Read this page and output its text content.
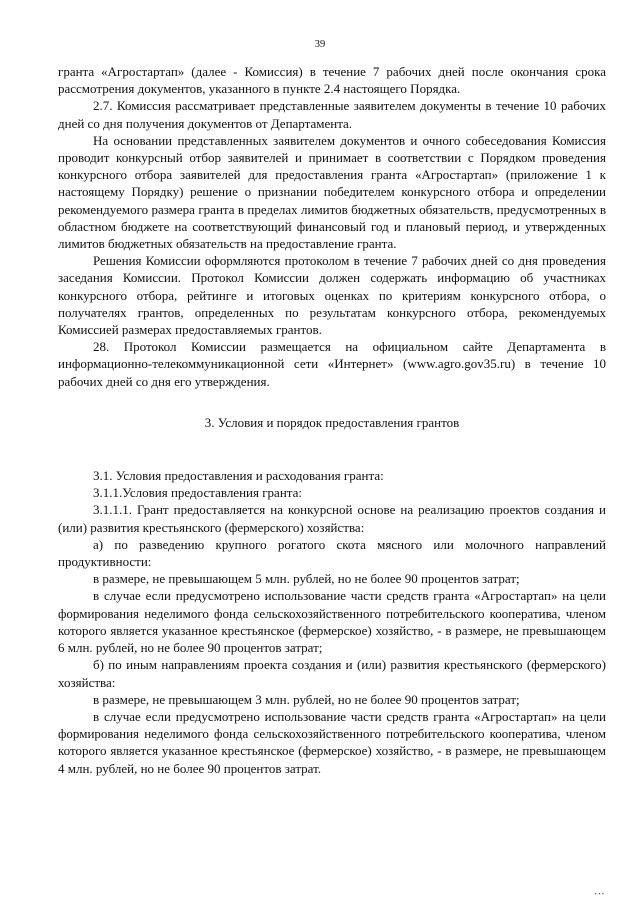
39

гранта «Агростартап» (далее - Комиссия) в течение 7 рабочих дней после окончания срока рассмотрения документов, указанного в пункте 2.4 настоящего Порядка.

2.7. Комиссия рассматривает представленные заявителем документы в течение 10 рабочих дней со дня получения документов от Департамента.

На основании представленных заявителем документов и очного собеседования Комиссия проводит конкурсный отбор заявителей и принимает в соответствии с Порядком проведения конкурсного отбора заявителей для предоставления гранта «Агростартап» (приложение 1 к настоящему Порядку) решение о признании победителем конкурсного отбора и определении рекомендуемого размера гранта в пределах лимитов бюджетных обязательств, предусмотренных в областном бюджете на соответствующий финансовый год и плановый период, и утвержденных лимитов бюджетных обязательств на предоставление гранта.

Решения Комиссии оформляются протоколом в течение 7 рабочих дней со дня проведения заседания Комиссии. Протокол Комиссии должен содержать информацию об участниках конкурсного отбора, рейтинге и итоговых оценках по критериям конкурсного отбора, о получателях грантов, определенных по результатам конкурсного отбора, рекомендуемых Комиссией размерах предоставляемых грантов.

28. Протокол Комиссии размещается на официальном сайте Департамента в информационно-телекоммуникационной сети «Интернет» (www.agro.gov35.ru) в течение 10 рабочих дней со дня его утверждения.

3. Условия и порядок предоставления грантов

3.1. Условия предоставления и расходования гранта:

3.1.1.Условия предоставления гранта:

3.1.1.1. Грант предоставляется на конкурсной основе на реализацию проектов создания и (или) развития крестьянского (фермерского) хозяйства:

а) по разведению крупного рогатого скота мясного или молочного направлений продуктивности:

в размере, не превышающем 5 млн. рублей, но не более 90 процентов затрат;

в случае если предусмотрено использование части средств гранта «Агростартап» на цели формирования неделимого фонда сельскохозяйственного потребительского кооператива, членом которого является указанное крестьянское (фермерское) хозяйство, - в размере, не превышающем 6 млн. рублей, но не более 90 процентов затрат;

б) по иным направлениям проекта создания и (или) развития крестьянского (фермерского) хозяйства:

в размере, не превышающем 3 млн. рублей, но не более 90 процентов затрат;

в случае если предусмотрено использование части средств гранта «Агростартап» на цели формирования неделимого фонда сельскохозяйственного потребительского кооператива, членом которого является указанное крестьянское (фермерское) хозяйство, - в размере, не превышающем 4 млн. рублей, но не более 90 процентов затрат.

• • •
